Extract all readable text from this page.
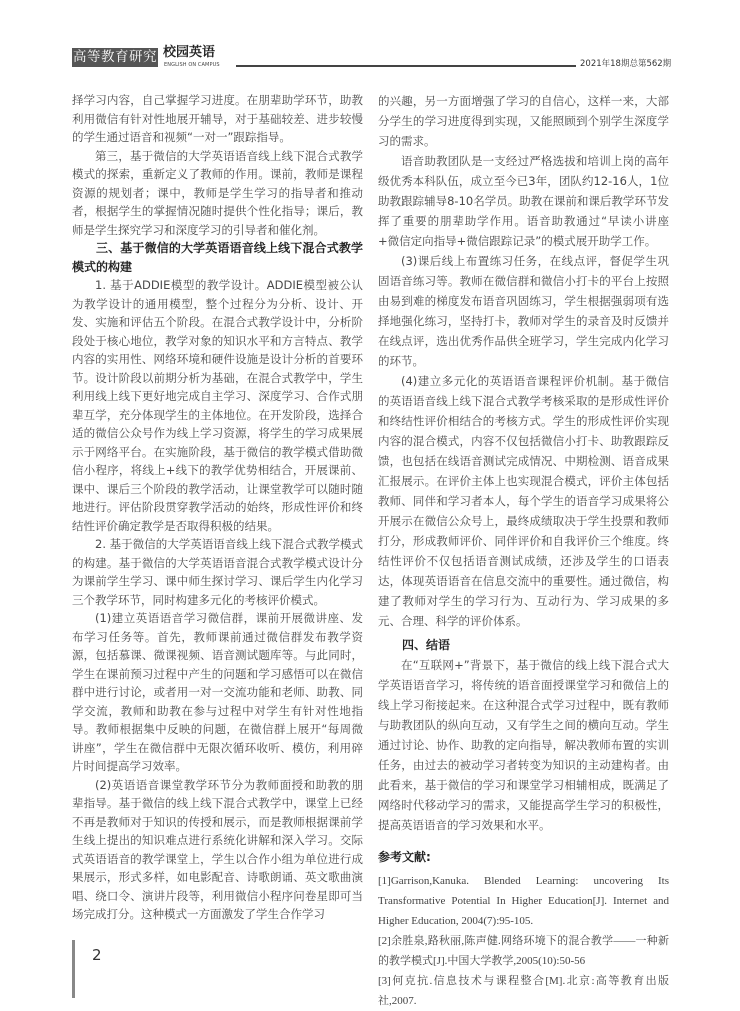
高等教育研究 校园英语
ENGLISH ON CAMPUS	2021年18期总第562期

择学习内容，自己掌握学习进度。在朋辈助学环节，助教利用微信有针对性地展开辅导，对于基础较差、进步较慢的学生通过语音和视频“一对一”跟踪指导。

第三，基于微信的大学英语语音线上线下混合式教学模式的探索，重新定义了教师的作用。课前，教师是课程资源的规划者；课中，教师是学生学习的指导者和推动者，根据学生的掌握情况随时提供个性化指导；课后，教师是学生探究学习和深度学习的引导者和催化剂。

三、基于微信的大学英语语音线上线下混合式教学模式的构建

1. 基于ADDIE模型的教学设计。ADDIE模型被公认为教学设计的通用模型，整个过程分为分析、设计、开发、实施和评估五个阶段。在混合式教学设计中，分析阶段处于核心地位，教学对象的知识水平和方言特点、教学内容的实用性、网络环境和硬件设施是设计分析的首要环节。设计阶段以前期分析为基础，在混合式教学中，学生利用线上线下更好地完成自主学习、深度学习、合作式朋辈互学，充分体现学生的主体地位。在开发阶段，选择合适的微信公众号作为线上学习资源，将学生的学习成果展示于网络平台。在实施阶段，基于微信的教学模式借助微信小程序，将线上+线下的教学优势相结合，开展课前、课中、课后三个阶段的教学活动，让课堂教学可以随时随地进行。评估阶段贯穿教学活动的始终，形成性评价和终结性评价确定教学是否取得积极的结果。

2. 基于微信的大学英语语音线上线下混合式教学模式的构建。基于微信的大学英语语音混合式教学模式设计分为课前学生学习、课中师生探讨学习、课后学生内化学习三个教学环节，同时构建多元化的考核评价模式。

(1)建立英语语音学习微信群，课前开展微讲座、发布学习任务等。首先，教师课前通过微信群发布教学资源，包括慕课、微课视频、语音测试题库等。与此同时，学生在课前预习过程中产生的问题和学习感悟可以在微信群中进行讨论，或者用一对一交流功能和老师、助教、同学交流，教师和助教在参与过程中对学生有针对性地指导。教师根据集中反映的问题，在微信群上展开“每周微讲座”，学生在微信群中无限次循环收听、模仿，利用碎片时间提高学习效率。

(2)英语语音课堂教学环节分为教师面授和助教的朋辈指导。基于微信的线上线下混合式教学中，课堂上已经不再是教师对于知识的传授和展示，而是教师根据课前学生线上提出的知识难点进行系统化讲解和深入学习。交际式英语语音的教学课堂上，学生以合作小组为单位进行成果展示，形式多样，如电影配音、诗歌朗诵、英文歌曲演唱、绕口令、演讲片段等，利用微信小程序问卷星即可当场完成打分。这种模式一方面激发了学生合作学习

的兴趣，另一方面增强了学习的自信心，这样一来，大部分学生的学习进度得到实现，又能照顾到个别学生深度学习的需求。

语音助教团队是一支经过严格选拔和培训上岗的高年级优秀本科队伍，成立至今已3年，团队约12-16人，1位助教跟踪辅导8-10名学员。助教在课前和课后教学环节发挥了重要的朋辈助学作用。语音助教通过“早读小讲座+微信定向指导+微信跟踪记录”的模式展开助学工作。

(3)课后线上布置练习任务，在线点评，督促学生巩固语音练习等。教师在微信群和微信小打卡的平台上按照由易到难的梯度发布语音巩固练习，学生根据强弱项有选择地强化练习，坚持打卡，教师对学生的录音及时反馈并在线点评，选出优秀作品供全班学习，学生完成内化学习的环节。

(4)建立多元化的英语语音课程评价机制。基于微信的英语语音线上线下混合式教学考核采取的是形成性评价和终结性评价相结合的考核方式。学生的形成性评价实现内容的混合模式，内容不仅包括微信小打卡、助教跟踪反馈，也包括在线语音测试完成情况、中期检测、语音成果汇报展示。在评价主体上也实现混合模式，评价主体包括教师、同伴和学习者本人，每个学生的语音学习成果将公开展示在微信公众号上，最终成绩取决于学生投票和教师打分，形成教师评价、同伴评价和自我评价三个维度。终结性评价不仅包括语音测试成绩，还涉及学生的口语表达，体现英语语音在信息交流中的重要性。通过微信，构建了教师对学生的学习行为、互动行为、学习成果的多元、合理、科学的评价体系。

四、结语

在“互联网+”背景下，基于微信的线上线下混合式大学英语语音学习，将传统的语音面授课堂学习和微信上的线上学习衔接起来。在这种混合式学习过程中，既有教师与助教团队的纵向互动，又有学生之间的横向互动。学生通过讨论、协作、助教的定向指导，解决教师布置的实训任务，由过去的被动学习者转变为知识的主动建构者。由此看来，基于微信的学习和课堂学习相辅相成，既满足了网络时代移动学习的需求，又能提高学生学习的积极性，提高英语语音的学习效果和水平。

参考文献:

[1]Garrison,Kanuka. Blended Learning: uncovering Its Transformative Potential In Higher Education[J]. Internet and Higher Education, 2004(7):95-105.

[2]余胜泉,路秋丽,陈声健.网络环境下的混合教学——一种新的教学模式[J].中国大学教学,2005(10):50-56

[3]何克抗.信息技术与课程整合[M].北京:高等教育出版社,2007.

2
